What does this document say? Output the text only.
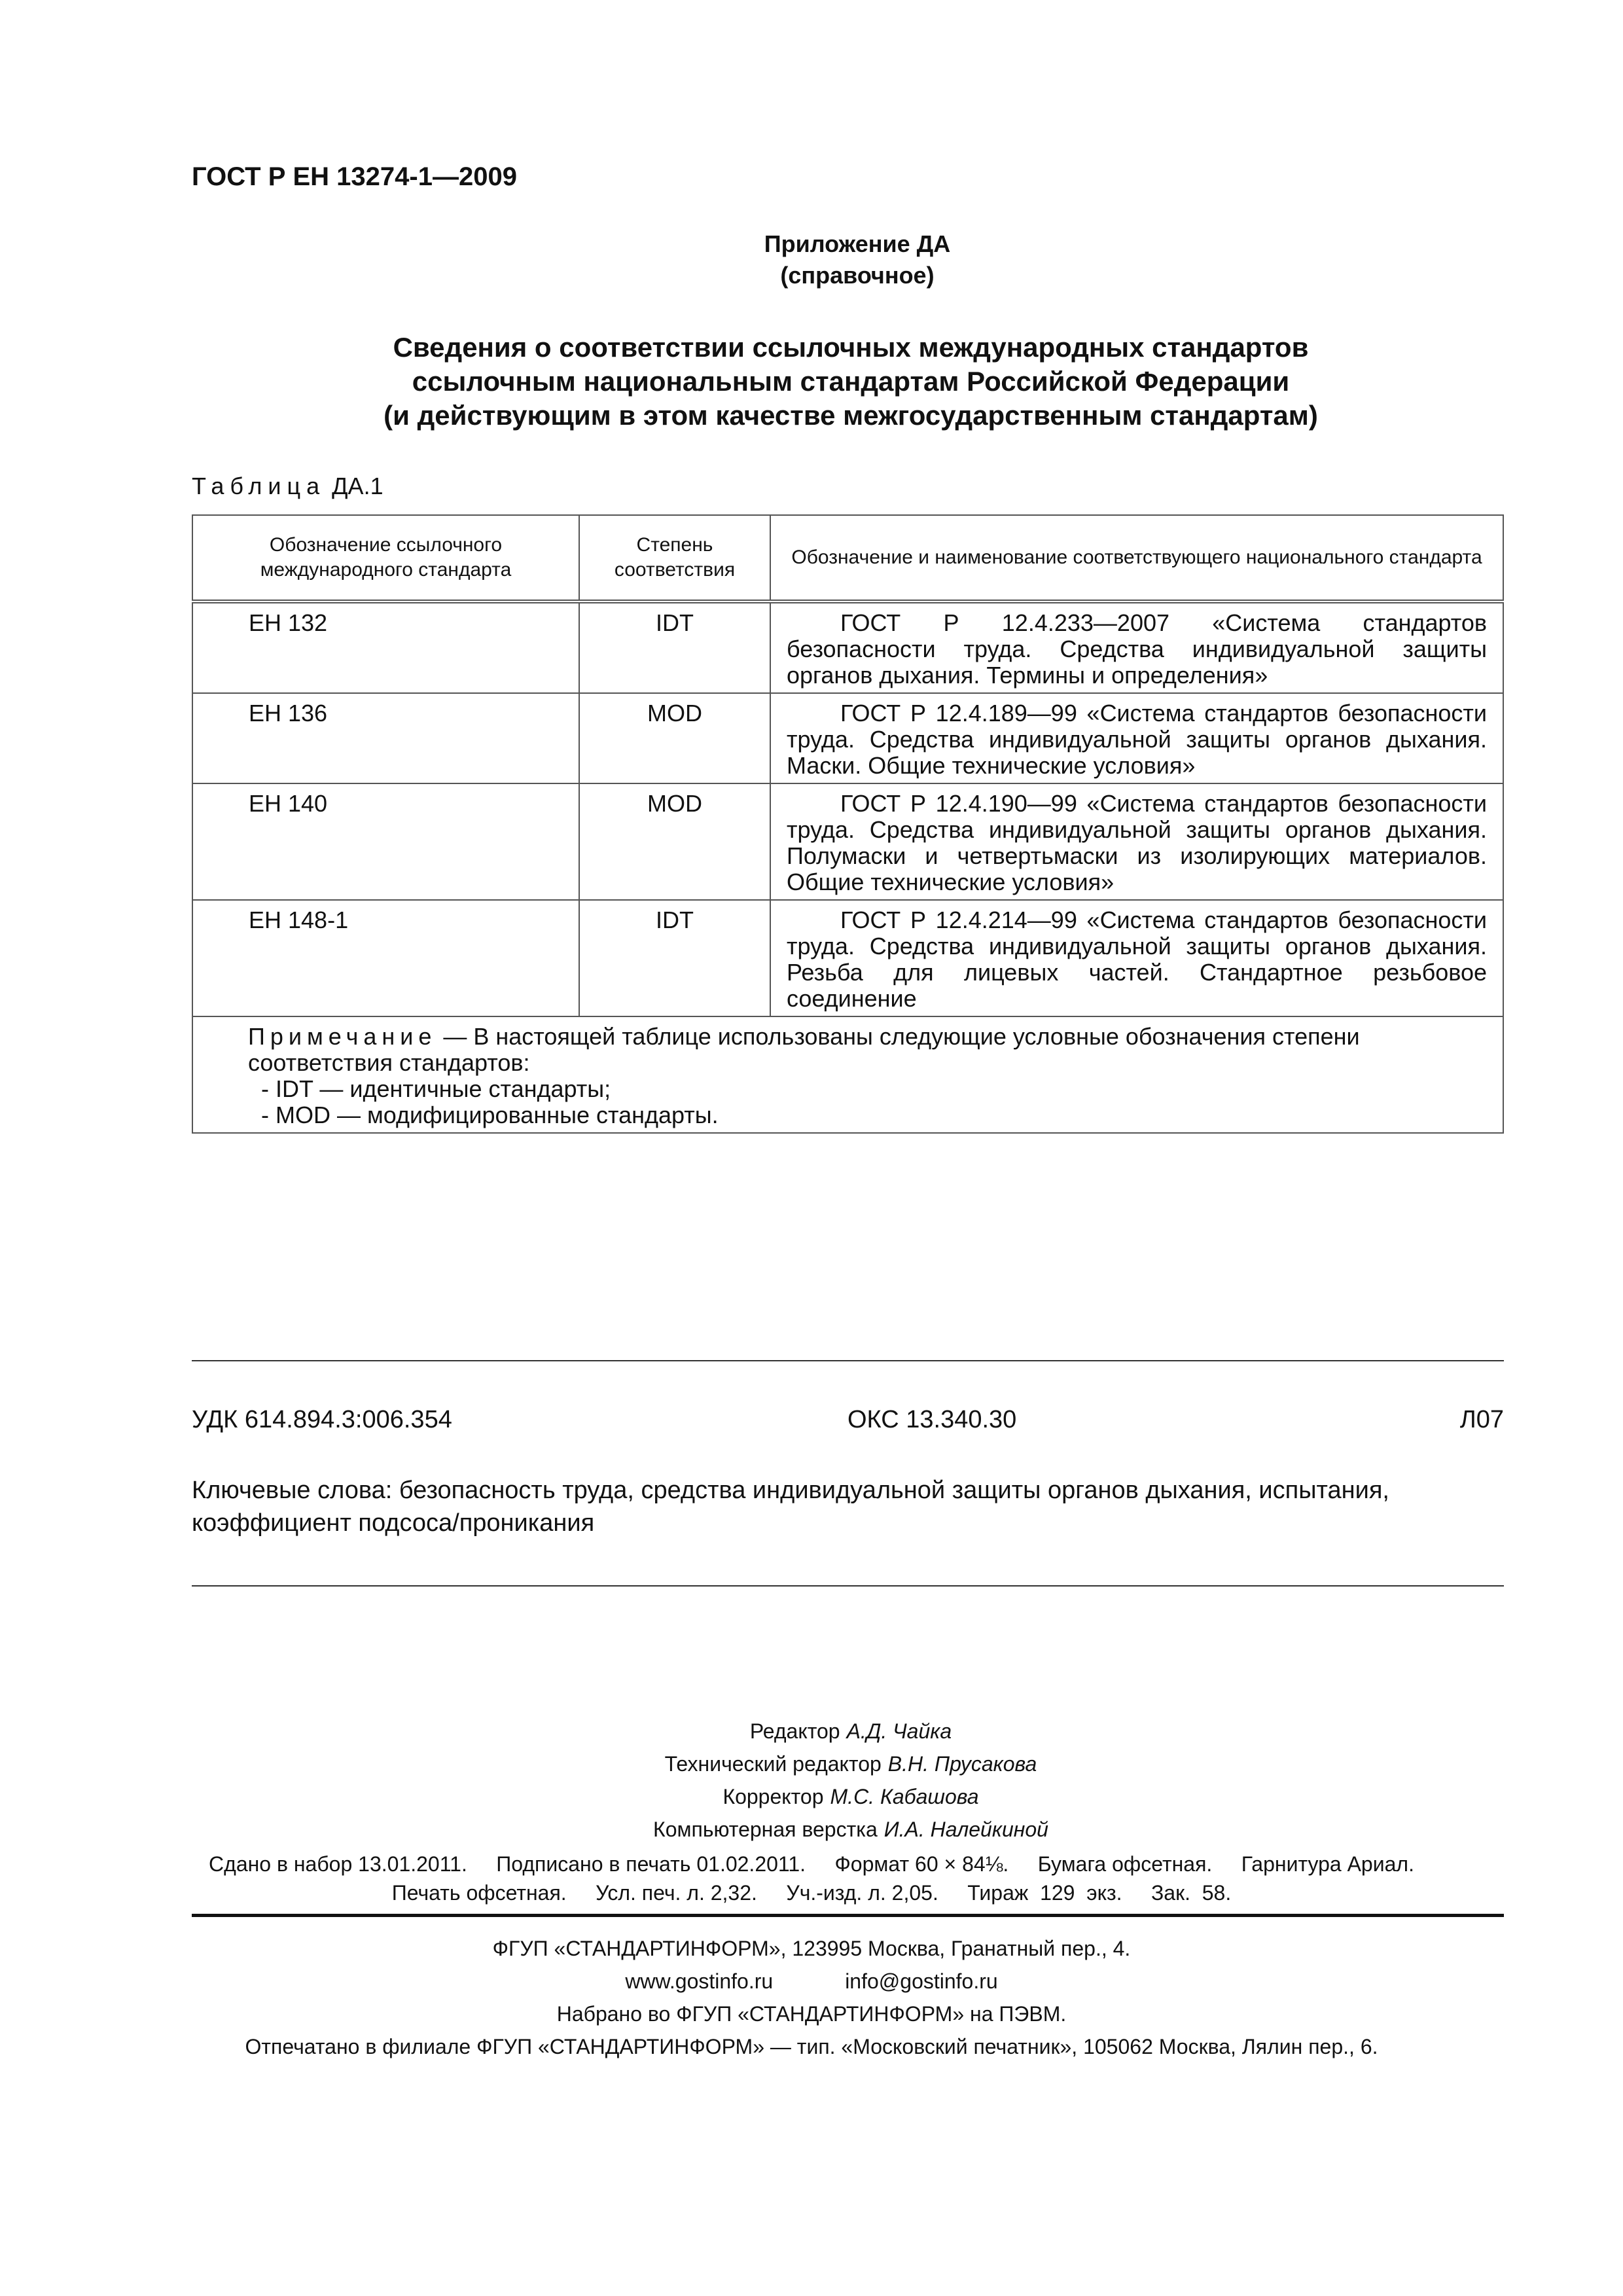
ГОСТ Р ЕН 13274-1—2009
Приложение ДА
(справочное)
Сведения о соответствии ссылочных международных стандартов
ссылочным национальным стандартам Российской Федерации
(и действующим в этом качестве межгосударственным стандартам)
Таблица ДА.1
Обозначение ссылочного международного стандарта	Степень соответствия	Обозначение и наименование соответствующего национального стандарта
ЕН 132	IDT	ГОСТ Р 12.4.233—2007 «Система стандартов безопасности труда. Средства индивидуальной защиты органов дыхания. Термины и определения»
ЕН 136	MOD	ГОСТ Р 12.4.189—99 «Система стандартов безопасности труда. Средства индивидуальной защиты органов дыхания. Маски. Общие технические условия»
ЕН 140	MOD	ГОСТ Р 12.4.190—99 «Система стандартов безопасности труда. Средства индивидуальной защиты органов дыхания. Полумаски и четвертьмаски из изолирующих материалов. Общие технические условия»
ЕН 148-1	IDT	ГОСТ Р 12.4.214—99 «Система стандартов безопасности труда. Средства индивидуальной защиты органов дыхания. Резьба для лицевых частей. Стандартное резьбовое соединение

Примечание — В настоящей таблице использованы следующие условные обозначения степени соответствия стандартов:
- IDT — идентичные стандарты;
- MOD — модифицированные стандарты.		
УДК 614.894.3:006.354	ОКС 13.340.30	Л07
Ключевые слова: безопасность труда, средства индивидуальной защиты органов дыхания, испытания, коэффициент подсоса/проникания
Редактор А.Д. Чайка
Технический редактор В.Н. Прусакова
Корректор М.С. Кабашова
Компьютерная верстка И.А. Налейкиной
Сдано в набор 13.01.2011.     Подписано в печать 01.02.2011.     Формат 60 × 84⅛.     Бумага офсетная.     Гарнитура Ариал.
Печать офсетная.     Усл. печ. л. 2,32.     Уч.-изд. л. 2,05.     Тираж  129  экз.     Зак.  58.
ФГУП «СТАНДАРТИНФОРМ», 123995 Москва, Гранатный пер., 4.
www.gostinfo.ru	info@gostinfo.ru
Набрано во ФГУП «СТАНДАРТИНФОРМ» на ПЭВМ.
Отпечатано в филиале ФГУП «СТАНДАРТИНФОРМ» — тип. «Московский печатник», 105062 Москва, Лялин пер., 6.
